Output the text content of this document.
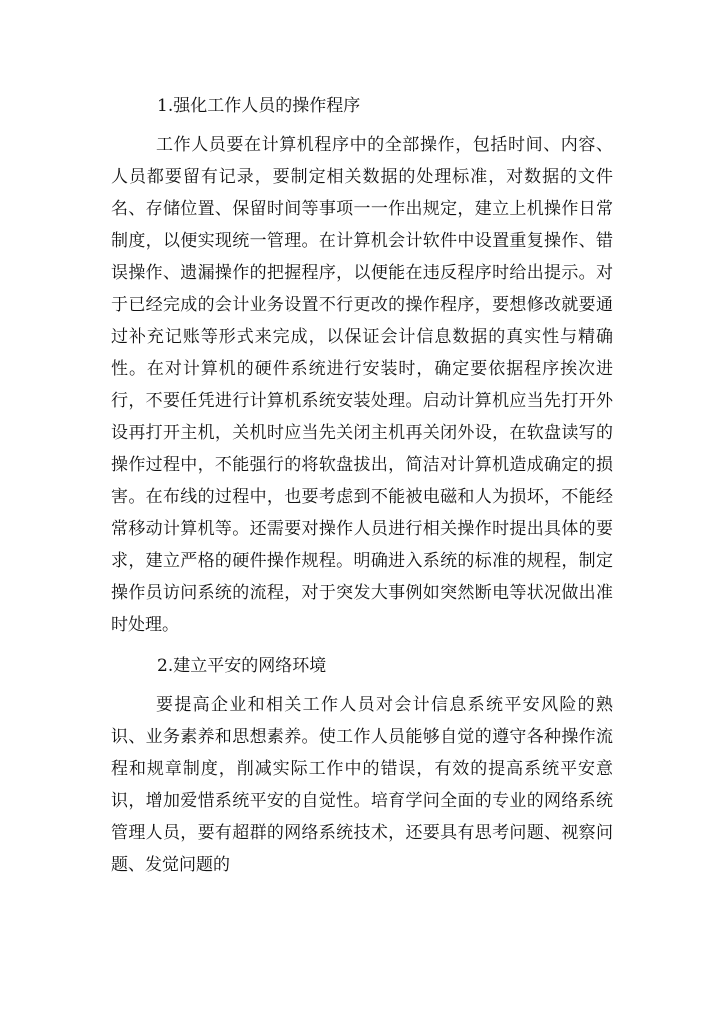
1.强化工作人员的操作程序

工作人员要在计算机程序中的全部操作，包括时间、内容、人员都要留有记录，要制定相关数据的处理标准，对数据的文件名、存储位置、保留时间等事项一一作出规定，建立上机操作日常制度，以便实现统一管理。在计算机会计软件中设置重复操作、错误操作、遗漏操作的把握程序，以便能在违反程序时给出提示。对于已经完成的会计业务设置不行更改的操作程序，要想修改就要通过补充记账等形式来完成，以保证会计信息数据的真实性与精确性。在对计算机的硬件系统进行安装时，确定要依据程序挨次进行，不要任凭进行计算机系统安装处理。启动计算机应当先打开外设再打开主机，关机时应当先关闭主机再关闭外设，在软盘读写的操作过程中，不能强行的将软盘拔出，简洁对计算机造成确定的损害。在布线的过程中，也要考虑到不能被电磁和人为损坏，不能经常移动计算机等。还需要对操作人员进行相关操作时提出具体的要求，建立严格的硬件操作规程。明确进入系统的标准的规程，制定操作员访问系统的流程，对于突发大事例如突然断电等状况做出准时处理。

2.建立平安的网络环境

要提高企业和相关工作人员对会计信息系统平安风险的熟识、业务素养和思想素养。使工作人员能够自觉的遵守各种操作流程和规章制度，削减实际工作中的错误，有效的提高系统平安意识，增加爱惜系统平安的自觉性。培育学问全面的专业的网络系统管理人员，要有超群的网络系统技术，还要具有思考问题、视察问题、发觉问题的
